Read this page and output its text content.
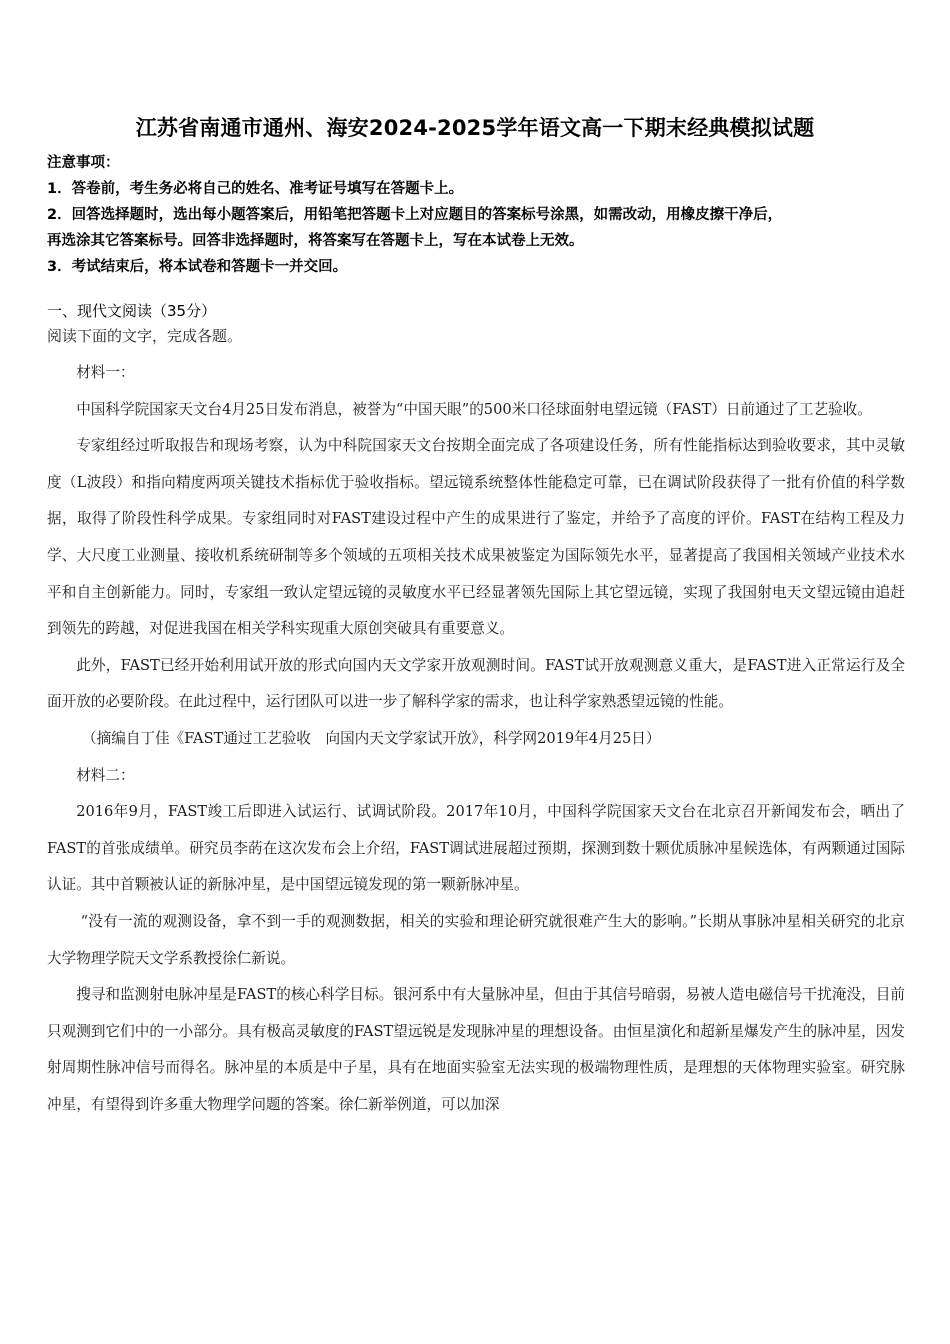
江苏省南通市通州、海安2024-2025学年语文高一下期末经典模拟试题
注意事项：
1．答卷前，考生务必将自己的姓名、准考证号填写在答题卡上。
2．回答选择题时，选出每小题答案后，用铅笔把答题卡上对应题目的答案标号涂黑，如需改动，用橡皮擦干净后，
再选涂其它答案标号。回答非选择题时，将答案写在答题卡上，写在本试卷上无效。
3．考试结束后，将本试卷和答题卡一并交回。
一、现代文阅读（35分）
阅读下面的文字，完成各题。

材料一：

中国科学院国家天文台4月25日发布消息，被誉为“中国天眼”的500米口径球面射电望远镜（FAST）日前通过了工艺验收。

专家组经过听取报告和现场考察，认为中科院国家天文台按期全面完成了各项建设任务，所有性能指标达到验收要求，其中灵敏度（L波段）和指向精度两项关键技术指标优于验收指标。望远镜系统整体性能稳定可靠，已在调试阶段获得了一批有价值的科学数据，取得了阶段性科学成果。专家组同时对FAST建设过程中产生的成果进行了鉴定，并给予了高度的评价。FAST在结构工程及力学、大尺度工业测量、接收机系统研制等多个领域的五项相关技术成果被鉴定为国际领先水平，显著提高了我国相关领域产业技术水平和自主创新能力。同时，专家组一致认定望远镜的灵敏度水平已经显著领先国际上其它望远镜，实现了我国射电天文望远镜由追赶到领先的跨越，对促进我国在相关学科实现重大原创突破具有重要意义。

此外，FAST已经开始利用试开放的形式向国内天文学家开放观测时间。FAST试开放观测意义重大，是FAST进入正常运行及全面开放的必要阶段。在此过程中，运行团队可以进一步了解科学家的需求，也让科学家熟悉望远镜的性能。

（摘编自丁佳《FAST通过工艺验收　向国内天文学家试开放》，科学网2019年4月25日）

材料二：

2016年9月，FAST竣工后即进入试运行、试调试阶段。2017年10月，中国科学院国家天文台在北京召开新闻发布会，晒出了FAST的首张成绩单。研究员李菂在这次发布会上介绍，FAST调试进展超过预期，探测到数十颗优质脉冲星候选体，有两颗通过国际认证。其中首颗被认证的新脉冲星，是中国望远镜发现的第一颗新脉冲星。

“没有一流的观测设备，拿不到一手的观测数据，相关的实验和理论研究就很难产生大的影响。”长期从事脉冲星相关研究的北京大学物理学院天文学系教授徐仁新说。

搜寻和监测射电脉冲星是FAST的核心科学目标。银河系中有大量脉冲星，但由于其信号暗弱，易被人造电磁信号干扰淹没，目前只观测到它们中的一小部分。具有极高灵敏度的FAST望远锐是发现脉冲星的理想设备。由恒星演化和超新星爆发产生的脉冲星，因发射周期性脉冲信号而得名。脉冲星的本质是中子星，具有在地面实验室无法实现的极端物理性质，是理想的天体物理实验室。研究脉冲星，有望得到许多重大物理学问题的答案。徐仁新举例道，可以加深
